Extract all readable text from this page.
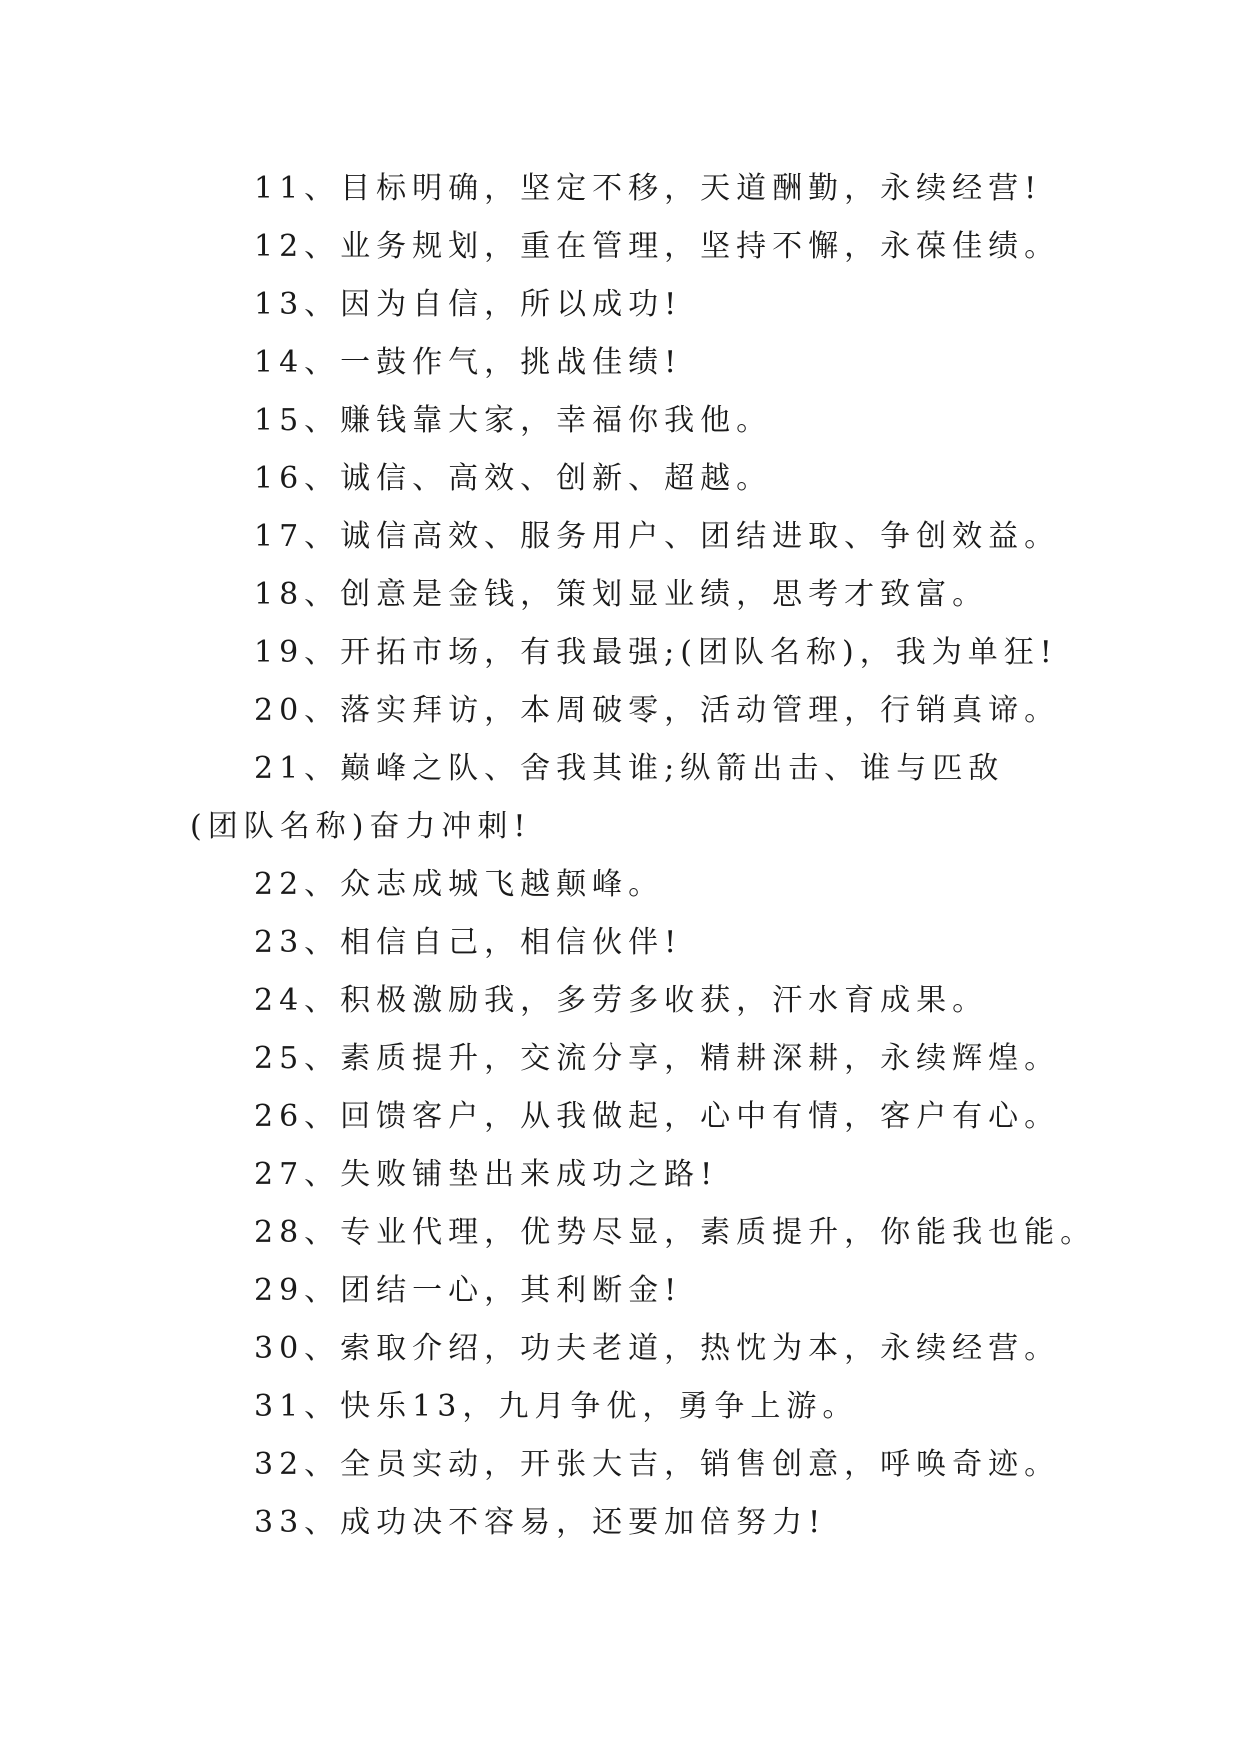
11、目标明确，坚定不移，天道酬勤，永续经营!
12、业务规划，重在管理，坚持不懈，永葆佳绩。
13、因为自信，所以成功!
14、一鼓作气，挑战佳绩!
15、赚钱靠大家，幸福你我他。
16、诚信、高效、创新、超越。
17、诚信高效、服务用户、团结进取、争创效益。
18、创意是金钱，策划显业绩，思考才致富。
19、开拓市场，有我最强;(团队名称)，我为单狂!
20、落实拜访，本周破零，活动管理，行销真谛。
21、巅峰之队、舍我其谁;纵箭出击、谁与匹敌(团队名称)奋力冲刺!
22、众志成城飞越颠峰。
23、相信自己，相信伙伴!
24、积极激励我，多劳多收获，汗水育成果。
25、素质提升，交流分享，精耕深耕，永续辉煌。
26、回馈客户，从我做起，心中有情，客户有心。
27、失败铺垫出来成功之路!
28、专业代理，优势尽显，素质提升，你能我也能。
29、团结一心，其利断金!
30、索取介绍，功夫老道，热忱为本，永续经营。
31、快乐13，九月争优，勇争上游。
32、全员实动，开张大吉，销售创意，呼唤奇迹。
33、成功决不容易，还要加倍努力!
